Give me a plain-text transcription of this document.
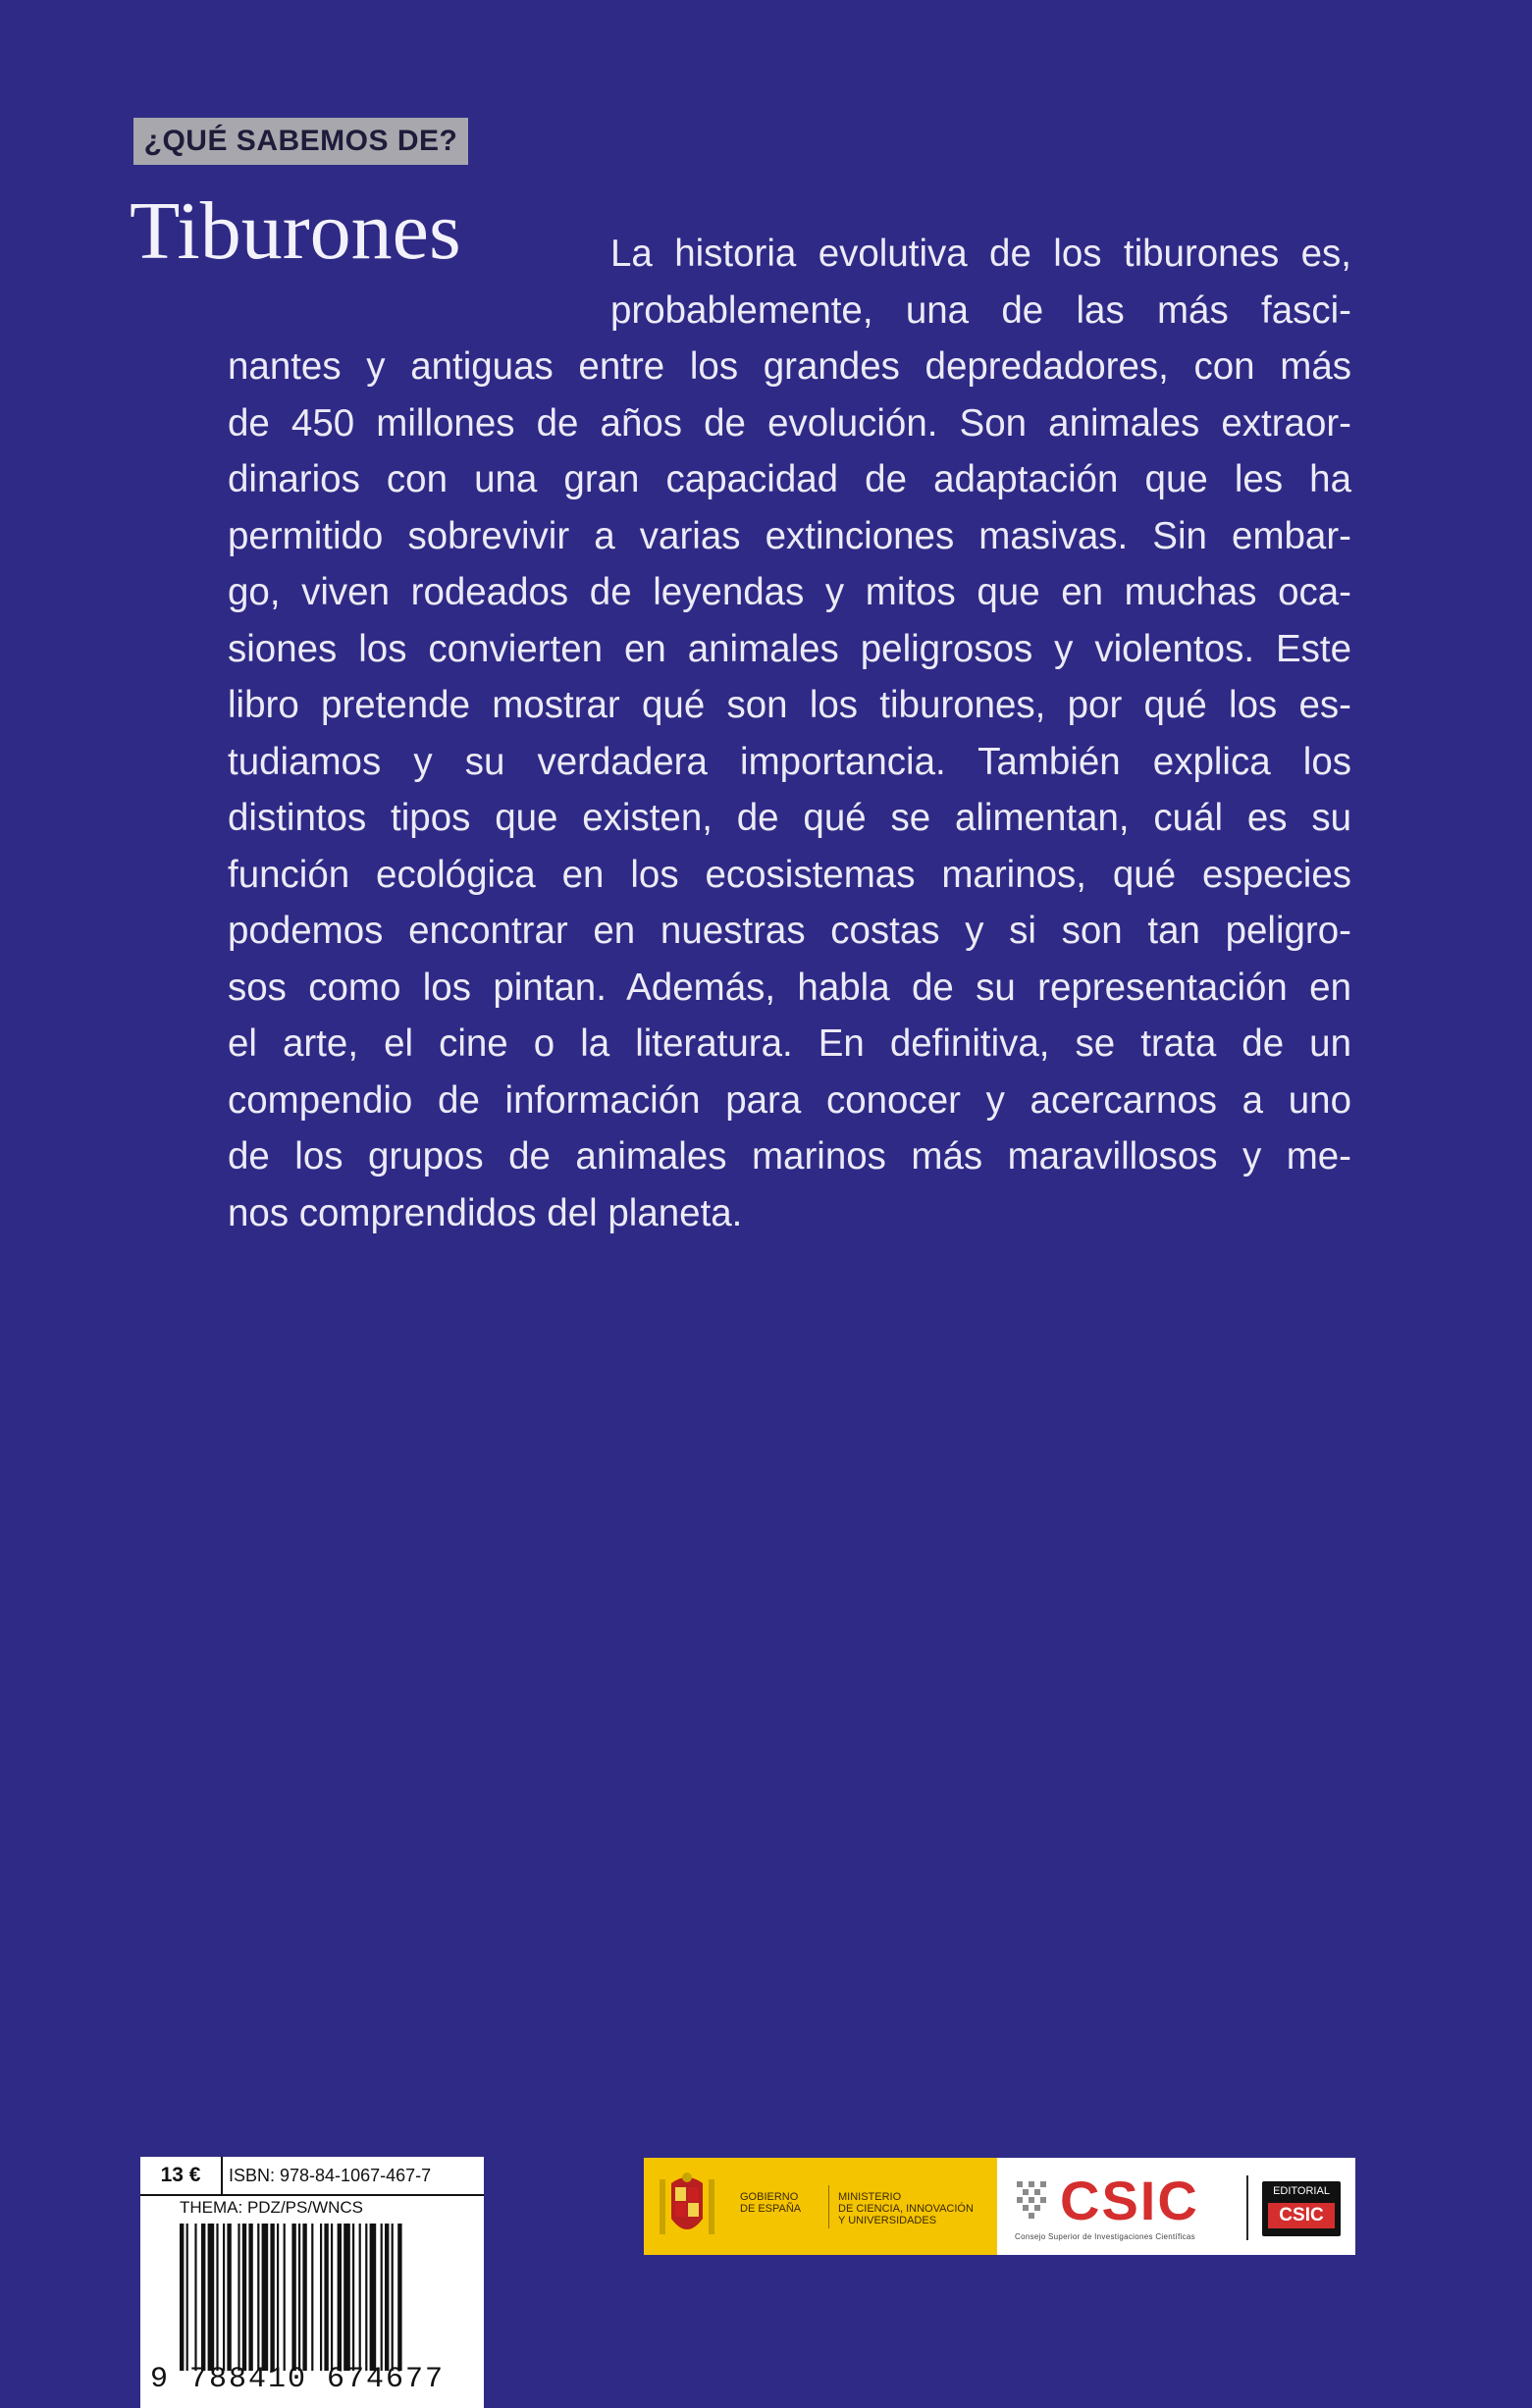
¿QUÉ SABEMOS DE?
Tiburones	La historia evolutiva de los tiburones es,
probablemente, una de las más fasci-
nantes y antiguas entre los grandes depredadores, con más
de 450 millones de años de evolución. Son animales extraor-
dinarios con una gran capacidad de adaptación que les ha
permitido sobrevivir a varias extinciones masivas. Sin embar-
go, viven rodeados de leyendas y mitos que en muchas oca-
siones los convierten en animales peligrosos y violentos. Este
libro pretende mostrar qué son los tiburones, por qué los es-
tudiamos y su verdadera importancia. También explica los
distintos tipos que existen, de qué se alimentan, cuál es su
función ecológica en los ecosistemas marinos, qué especies
podemos encontrar en nuestras costas y si son tan peligro-
sos como los pintan. Además, habla de su representación en
el arte, el cine o la literatura. En definitiva, se trata de un
compendio de información para conocer y acercarnos a uno
de los grupos de animales marinos más maravillosos y me-
nos comprendidos del planeta.
13 €	ISBN: 978-84-1067-467-7
THEMA: PDZ/PS/WNCS
9 788410 674677
GOBIERNO
DE ESPAÑA
MINISTERIO
DE CIENCIA, INNOVACIÓN
Y UNIVERSIDADES	CSIC
Consejo Superior de Investigaciones Científicas
EDITORIAL
CSIC
